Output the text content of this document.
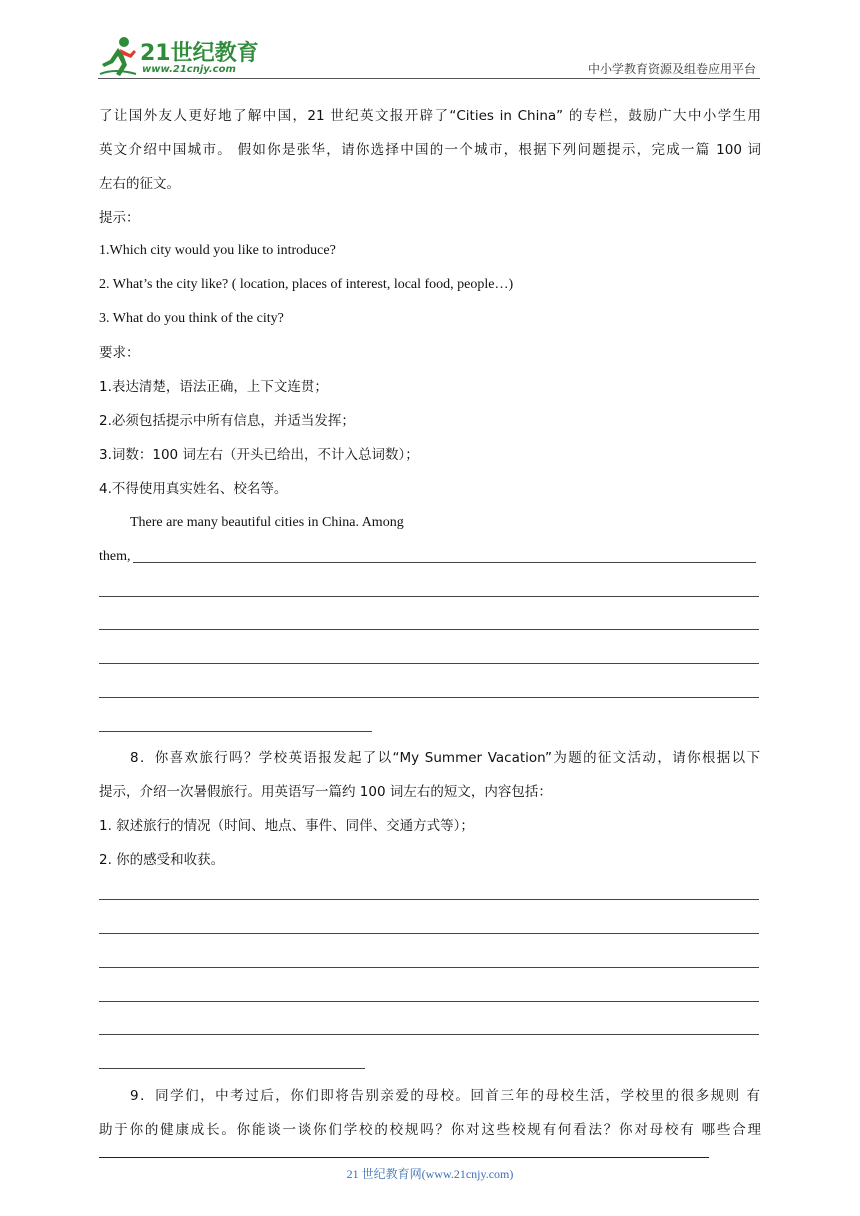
21世纪教育
www.21cnjy.com	中小学教育资源及组卷应用平台
了让国外友人更好地了解中国，21 世纪英文报开辟了“Cities in China” 的专栏，鼓励广大中小学生用
英文介绍中国城市。 假如你是张华，请你选择中国的一个城市，根据下列问题提示，完成一篇 100 词
左右的征文。
提示：
1.Which city would you like to introduce?
2. What’s the city like? ( location, places of interest, local food, people…)
3. What do you think of the city?
要求：
1.表达清楚，语法正确，上下文连贯；
2.必须包括提示中所有信息，并适当发挥；
3.词数：100 词左右（开头已给出，不计入总词数）；
4.不得使用真实姓名、校名等。
There are many beautiful cities in China. Among
them,
8．你喜欢旅行吗？学校英语报发起了以“My Summer Vacation”为题的征文活动，请你根据以下
提示，介绍一次暑假旅行。用英语写一篇约 100 词左右的短文，内容包括：
1. 叙述旅行的情况（时间、地点、事件、同伴、交通方式等）；
2. 你的感受和收获。
9．同学们，中考过后，你们即将告别亲爱的母校。回首三年的母校生活，学校里的很多规则 有
助于你的健康成长。你能谈一谈你们学校的校规吗？你对这些校规有何看法？你对母校有 哪些合理
21 世纪教育网(www.21cnjy.com)
